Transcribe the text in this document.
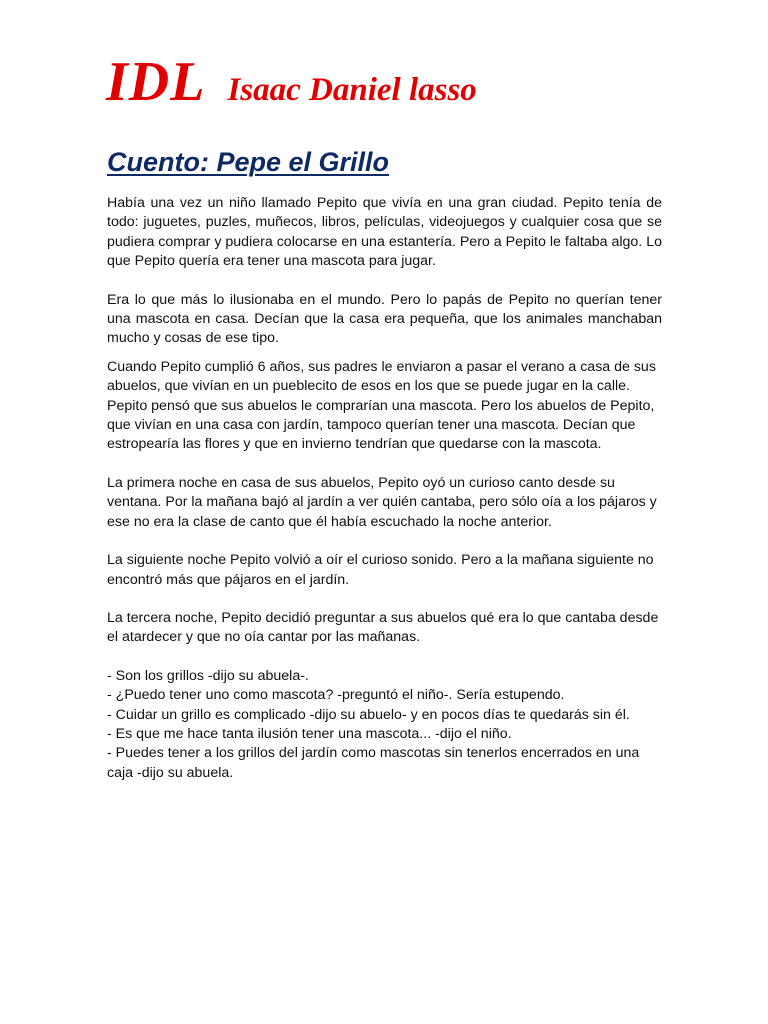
IDL Isaac Daniel lasso
Cuento: Pepe el Grillo

Había una vez un niño llamado Pepito que vivía en una gran ciudad. Pepito tenía de todo: juguetes, puzles, muñecos, libros, películas, videojuegos y cualquier cosa que se pudiera comprar y pudiera colocarse en una estantería. Pero a Pepito le faltaba algo. Lo que Pepito quería era tener una mascota para jugar.

Era lo que más lo ilusionaba en el mundo. Pero lo papás de Pepito no querían tener una mascota en casa. Decían que la casa era pequeña, que los animales manchaban mucho y cosas de ese tipo.

Cuando Pepito cumplió 6 años, sus padres le enviaron a pasar el verano a casa de sus abuelos, que vivían en un pueblecito de esos en los que se puede jugar en la calle. Pepito pensó que sus abuelos le comprarían una mascota. Pero los abuelos de Pepito, que vivían en una casa con jardín, tampoco querían tener una mascota. Decían que estropearía las flores y que en invierno tendrían que quedarse con la mascota.

La primera noche en casa de sus abuelos, Pepito oyó un curioso canto desde su ventana. Por la mañana bajó al jardín a ver quién cantaba, pero sólo oía a los pájaros y ese no era la clase de canto que él había escuchado la noche anterior.

La siguiente noche Pepito volvió a oír el curioso sonido. Pero a la mañana siguiente no encontró más que pájaros en el jardín.

La tercera noche, Pepito decidió preguntar a sus abuelos qué era lo que cantaba desde el atardecer y que no oía cantar por las mañanas.

- Son los grillos -dijo su abuela-.

- ¿Puedo tener uno como mascota? -preguntó el niño-. Sería estupendo.

- Cuidar un grillo es complicado -dijo su abuelo- y en pocos días te quedarás sin él.

- Es que me hace tanta ilusión tener una mascota... -dijo el niño.

- Puedes tener a los grillos del jardín como mascotas sin tenerlos encerrados en una caja -dijo su abuela.
